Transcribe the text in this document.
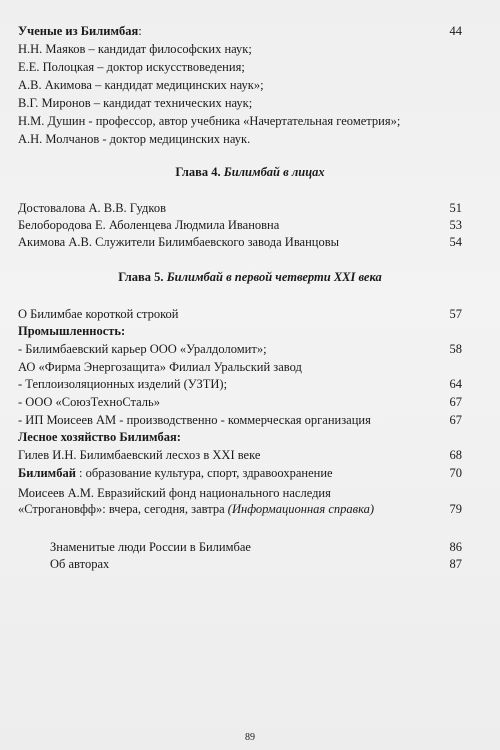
Ученые из Билимбая:	44
Н.Н. Маяков – кандидат философских наук;
Е.Е. Полоцкая – доктор искусствоведения;
А.В. Акимова – кандидат медицинских наук»;
В.Г. Миронов – кандидат технических наук;
Н.М. Душин - профессор, автор учебника «Начертательная геометрия»;
А.Н. Молчанов - доктор медицинских наук.
Глава 4. Билимбай в лицах
Достовалова А. В.В. Гудков	51
Белобородова Е. Аболенцева Людмила Ивановна	53
Акимова А.В. Служители Билимбаевского завода Иванцовы	54
Глава 5. Билимбай в первой четверти XXI века
О Билимбае короткой строкой	57
Промышленность:
- Билимбаевский карьер ООО «Уралдоломит»;	58
АО «Фирма Энергозащита» Филиал Уральский завод
- Теплоизоляционных изделий (УЗТИ);	64
- ООО «СоюзТехноСталь»	67
- ИП Моисеев АМ - производственно - коммерческая организация	67
Лесное хозяйство Билимбая:
Гилев И.Н. Билимбаевский лесхоз в XXI веке	68
Билимбай : образование культура, спорт, здравоохранение	70
Моисеев А.М. Евразийский фонд национального наследия
«Строгановфф»: вчера, сегодня, завтра (Информационная справка)	79
Знаменитые люди России в Билимбае	86
Об авторах	87
89
